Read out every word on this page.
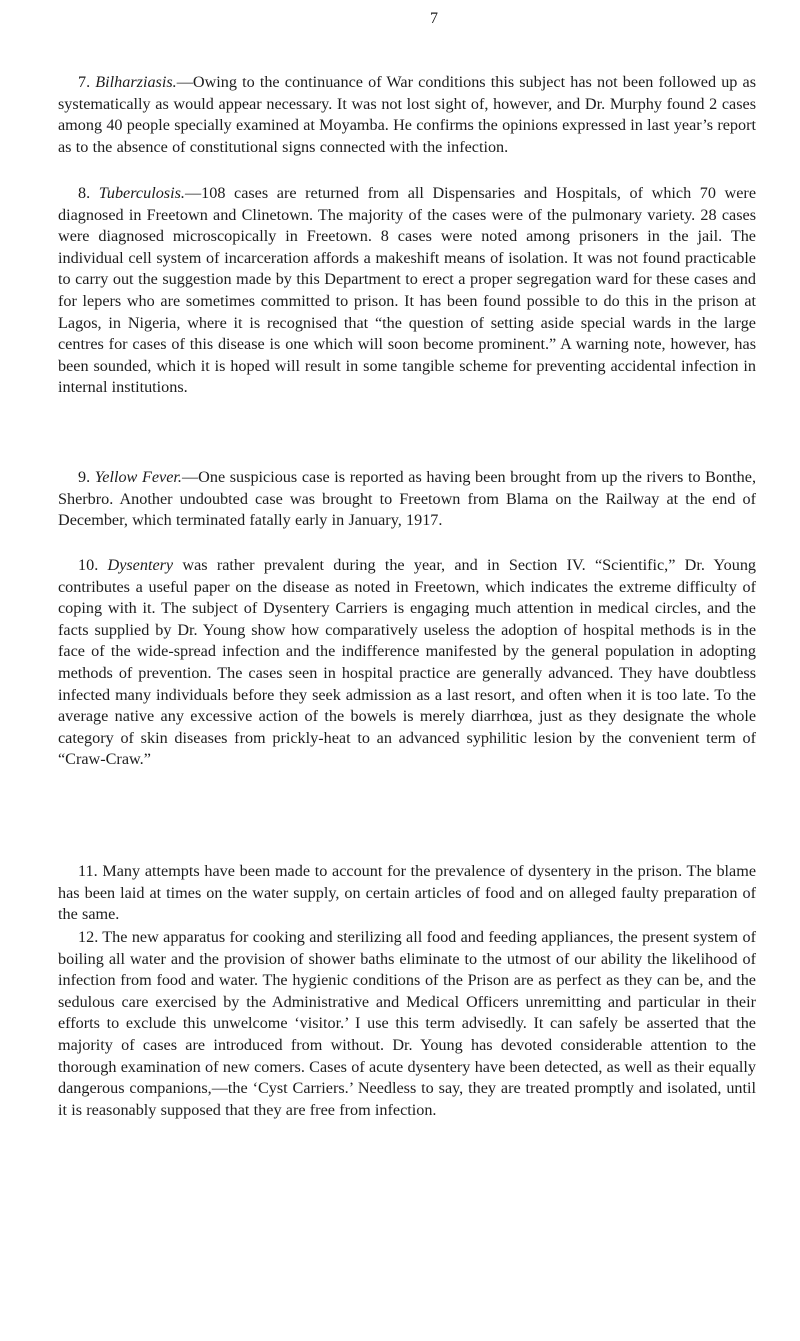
7

7. Bilharziasis.—Owing to the continuance of War conditions this subject has not been followed up as systematically as would appear necessary. It was not lost sight of, however, and Dr. Murphy found 2 cases among 40 people specially examined at Moyamba. He confirms the opinions expressed in last year’s report as to the absence of constitutional signs connected with the infection.

8. Tuberculosis.—108 cases are returned from all Dispensaries and Hospitals, of which 70 were diagnosed in Freetown and Clinetown. The majority of the cases were of the pulmonary variety. 28 cases were diagnosed microscopically in Freetown. 8 cases were noted among prisoners in the jail. The individual cell system of incarceration affords a makeshift means of isolation. It was not found practicable to carry out the suggestion made by this Department to erect a proper segregation ward for these cases and for lepers who are sometimes committed to prison. It has been found possible to do this in the prison at Lagos, in Nigeria, where it is recognised that “the question of setting aside special wards in the large centres for cases of this disease is one which will soon become prominent.” A warning note, however, has been sounded, which it is hoped will result in some tangible scheme for preventing accidental infection in internal institutions.

9. Yellow Fever.—One suspicious case is reported as having been brought from up the rivers to Bonthe, Sherbro. Another undoubted case was brought to Freetown from Blama on the Railway at the end of December, which terminated fatally early in January, 1917.

10. Dysentery was rather prevalent during the year, and in Section IV. “Scientific,” Dr. Young contributes a useful paper on the disease as noted in Freetown, which indicates the extreme difficulty of coping with it. The subject of Dysentery Carriers is engaging much attention in medical circles, and the facts supplied by Dr. Young show how comparatively useless the adoption of hospital methods is in the face of the wide-spread infection and the indifference manifested by the general population in adopting methods of prevention. The cases seen in hospital practice are generally advanced. They have doubtless infected many individuals before they seek admission as a last resort, and often when it is too late. To the average native any excessive action of the bowels is merely diarrhœa, just as they designate the whole category of skin diseases from prickly-heat to an advanced syphilitic lesion by the convenient term of “Craw-Craw.”

11. Many attempts have been made to account for the prevalence of dysentery in the prison. The blame has been laid at times on the water supply, on certain articles of food and on alleged faulty preparation of the same.

12. The new apparatus for cooking and sterilizing all food and feeding appliances, the present system of boiling all water and the provision of shower baths eliminate to the utmost of our ability the likelihood of infection from food and water. The hygienic conditions of the Prison are as perfect as they can be, and the sedulous care exercised by the Administrative and Medical Officers unremitting and particular in their efforts to exclude this unwelcome ‘visitor.’ I use this term advisedly. It can safely be asserted that the majority of cases are introduced from without. Dr. Young has devoted considerable attention to the thorough examination of new comers. Cases of acute dysentery have been detected, as well as their equally dangerous companions,—the ‘Cyst Carriers.’ Needless to say, they are treated promptly and isolated, until it is reasonably supposed that they are free from infection.
